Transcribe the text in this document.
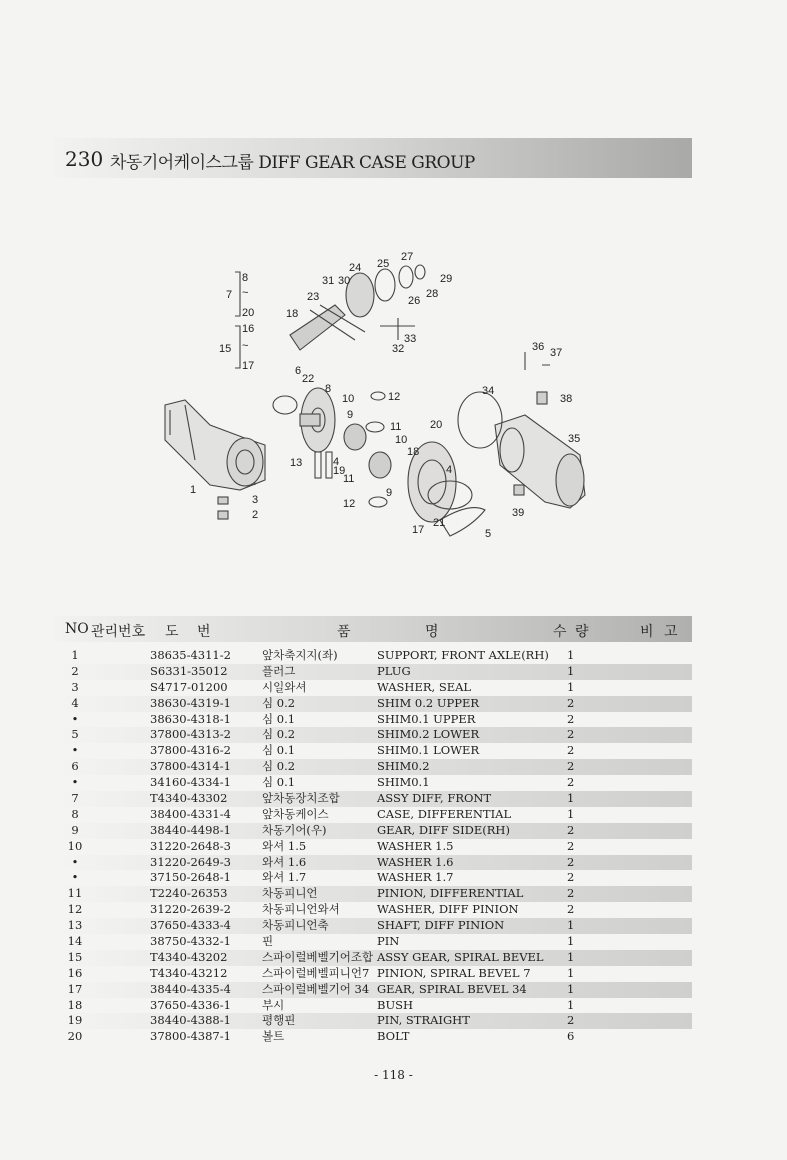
230 차동기어케이스그룹 DIFF GEAR CASE GROUP
8
~
7
20
16
~
15
17
18
23
31 30
24 25
27
29
28
26
33
32	36 37
34
38
35
39
6
22
8
10	12
9
11	20
10
18
13	4
19
11
9
12
4
1
3
2
21
17	5
NO 관리번호 도 번	품	명	수 량	비 고
1	38635-4311-2	앞차축지지(좌)	SUPPORT, FRONT AXLE(RH) 1
2	S6331-35012	플러그	PLUG	1
3	S4717-01200	시일와셔	WASHER, SEAL	1
4	38630-4319-1	심 0.2	SHIM 0.2 UPPER	2
•	38630-4318-1	심 0.1	SHIM0.1 UPPER	2
5	37800-4313-2	심 0.2	SHIM0.2 LOWER	2
•	37800-4316-2	심 0.1	SHIM0.1 LOWER	2
6	37800-4314-1	심 0.2	SHIM0.2	2
•	34160-4334-1	심 0.1	SHIM0.1	2
7	T4340-43302	앞차동장치조합	ASSY DIFF, FRONT	1
8	38400-4331-4	앞차동케이스	CASE, DIFFERENTIAL	1
9	38440-4498-1	차동기어(우)	GEAR, DIFF SIDE(RH)	2
10	31220-2648-3	와셔 1.5	WASHER 1.5	2
•	31220-2649-3	와셔 1.6	WASHER 1.6	2
•	37150-2648-1	와셔 1.7	WASHER 1.7	2
11	T2240-26353	차동피니언	PINION, DIFFERENTIAL	2
12	31220-2639-2	차동피니언와셔	WASHER, DIFF PINION	2
13	37650-4333-4	차동피니언축	SHAFT, DIFF PINION	1
14	38750-4332-1	핀	PIN	1
15	T4340-43202	스파이럴베벨기어조합 ASSY GEAR, SPIRAL BEVEL 1
16	T4340-43212	스파이럴베벨피니언7 PINION, SPIRAL BEVEL 7	1
17	38440-4335-4	스파이럴베벨기어 34 GEAR, SPIRAL BEVEL 34	1
18	37650-4336-1	부시	BUSH	1
19	38440-4388-1	평행핀	PIN, STRAIGHT	2
20	37800-4387-1	볼트	BOLT	6
- 118 -
